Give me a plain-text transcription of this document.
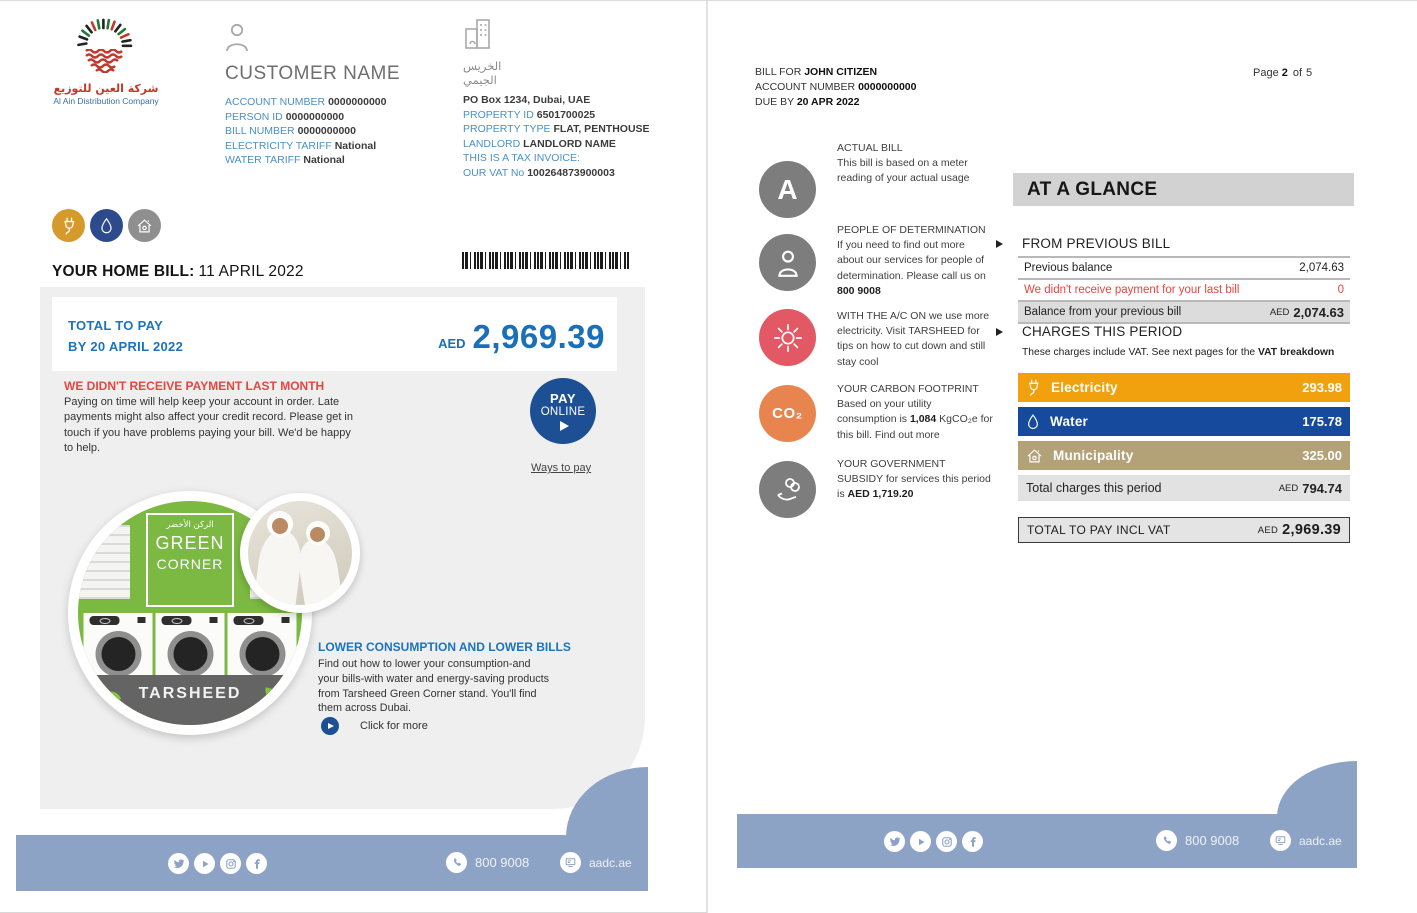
شركة العين للتوزيع
Al Ain Distribution Company
CUSTOMER NAME
ACCOUNT NUMBER 0000000000
PERSON ID 0000000000
BILL NUMBER 0000000000
ELECTRICITY TARIFF National
WATER TARIFF National
الخريس
الجيمي
PO Box 1234, Dubai, UAE
PROPERTY ID 6501700025
PROPERTY TYPE FLAT, PENTHOUSE
LANDLORD LANDLORD NAME
THIS IS A TAX INVOICE:
OUR VAT No 100264873900003
YOUR HOME BILL: 11 APRIL 2022
TOTAL TO PAY
BY 20 APRIL 2022	AED 2,969.39
WE DIDN'T RECEIVE PAYMENT LAST MONTH
Paying on time will help keep your account in order. Late payments might also affect your credit record. Please get in touch if you have problems paying your bill. We'd be happy to help.
PAY
ONLINE
Ways to pay
الركن الأخضر
GREEN
CORNER
TARSHEED
LOWER CONSUMPTION AND LOWER BILLS
Find out how to lower your consumption-and your bills-with water and energy-saving products from Tarsheed Green Corner stand. You'll find them across Dubai.
Click for more
800 9008	aadc.ae
BILL FOR JOHN CITIZEN
ACCOUNT NUMBER 0000000000
DUE BY 20 APR 2022
Page 2 of 5
A
ACTUAL BILL
This bill is based on a meter reading of your actual usage
PEOPLE OF DETERMINATION
If you need to find out more about our services for people of determination. Please call us on 800 9008
WITH THE A/C ON we use more electricity. Visit TARSHEED for tips on how to cut down and still stay cool
CO₂
YOUR CARBON FOOTPRINT
Based on your utility consumption is 1,084 KgCO₂e for this bill. Find out more
YOUR GOVERNMENT SUBSIDY for services this period is AED 1,719.20
AT A GLANCE
FROM PREVIOUS BILL
Previous balance	2,074.63
We didn't receive payment for your last bill	0
Balance from your previous bill	AED 2,074.63
CHARGES THIS PERIOD
These charges include VAT. See next pages for the VAT breakdown
Electricity	293.98
Water	175.78
Municipality	325.00
Total charges this period	AED 794.74
TOTAL TO PAY INCL VAT	AED 2,969.39
800 9008	aadc.ae
